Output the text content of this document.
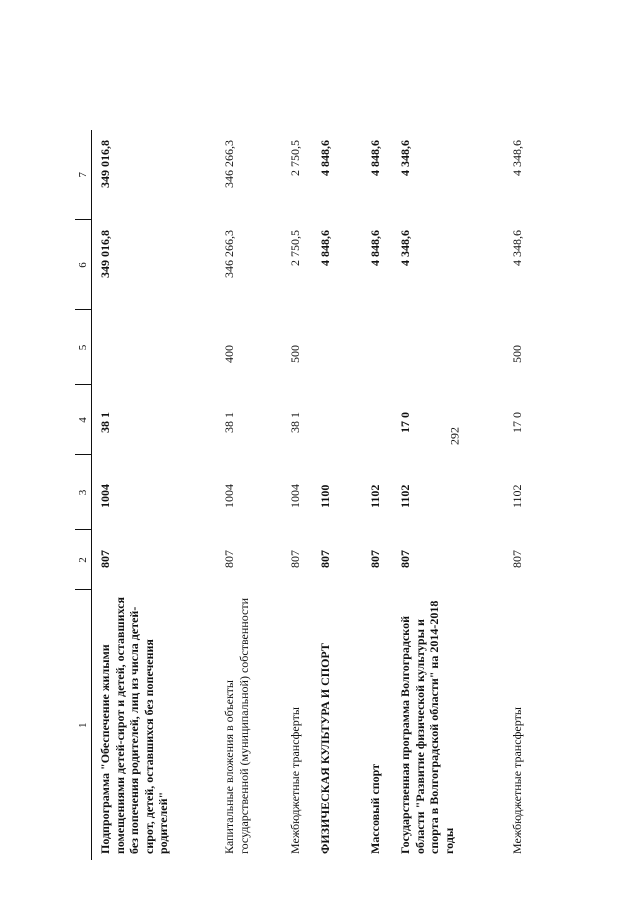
292
1	2	3	4	5	6	7
Подпрограмма "Обеспечение жилыми помещениями детей-сирот и детей, оставшихся без попечения родителей, лиц из числа детей-сирот, детей, оставшихся без попечения родителей"	807	1004	38 1		349 016,8	349 016,8
Капитальные вложения в объекты государственной (муниципальной) собственности	807	1004	38 1	400	346 266,3	346 266,3
Межбюджетные трансферты	807	1004	38 1	500	2 750,5	2 750,5
ФИЗИЧЕСКАЯ КУЛЬТУРА И СПОРТ	807	1100			4 848,6	4 848,6
Массовый спорт	807	1102			4 848,6	4 848,6
Государственная программа Волгоградской области "Развитие физической культуры и спорта в Волгоградской области" на 2014-2018 годы	807	1102	17 0		4 348,6	4 348,6
Межбюджетные трансферты	807	1102	17 0	500	4 348,6	4 348,6
